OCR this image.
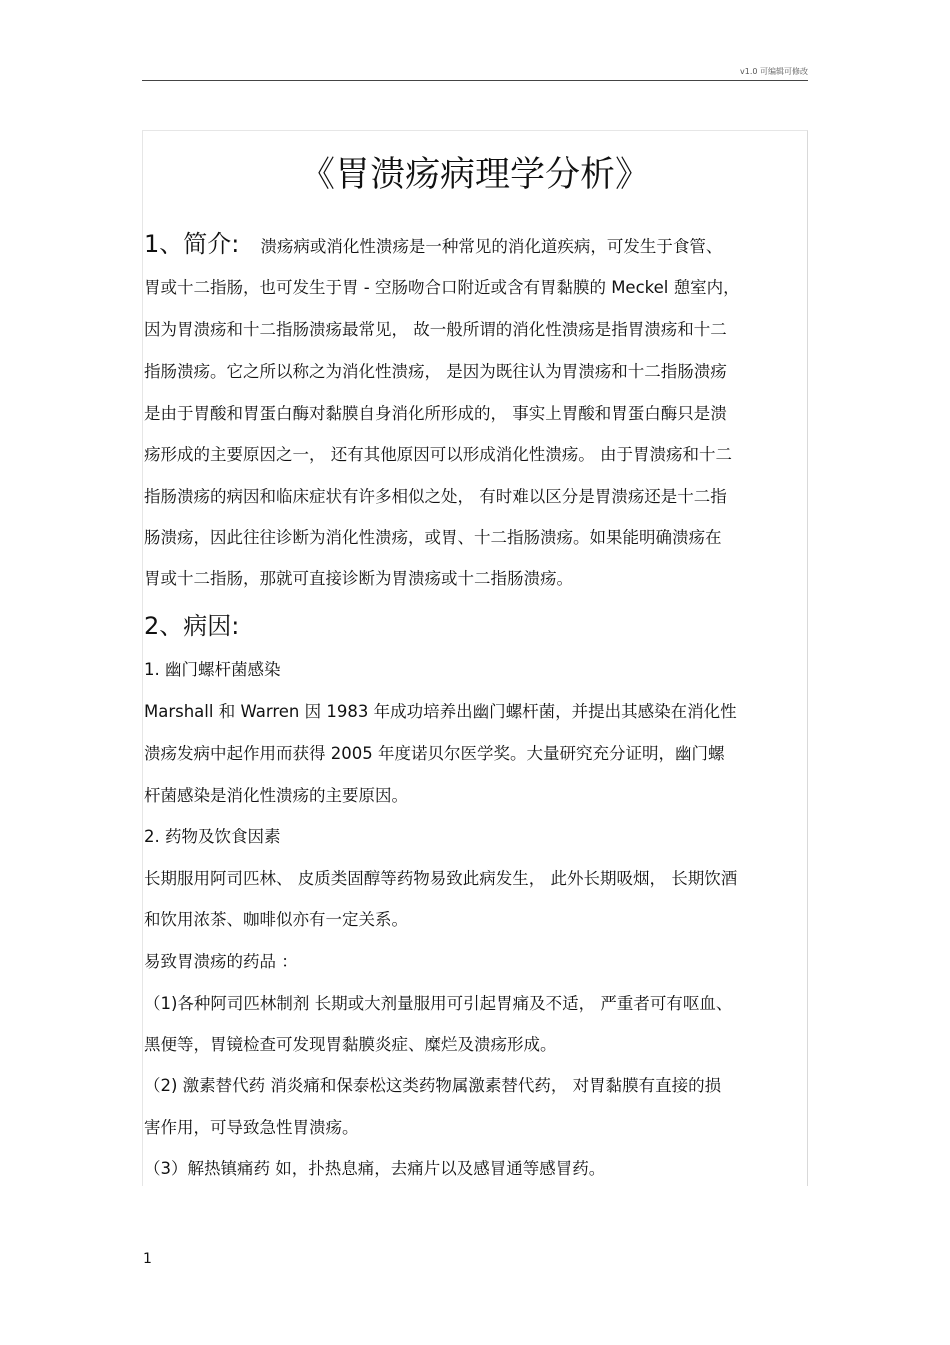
v1.0 可编辑可修改
《胃溃疡病理学分析》
1、简介: 溃疡病或消化性溃疡是一种常见的消化道疾病，可发生于食管、
胃或十二指肠，也可发生于胃 - 空肠吻合口附近或含有胃黏膜的 Meckel 憩室内，
因为胃溃疡和十二指肠溃疡最常见， 故一般所谓的消化性溃疡是指胃溃疡和十二
指肠溃疡。它之所以称之为消化性溃疡， 是因为既往认为胃溃疡和十二指肠溃疡
是由于胃酸和胃蛋白酶对黏膜自身消化所形成的， 事实上胃酸和胃蛋白酶只是溃
疡形成的主要原因之一， 还有其他原因可以形成消化性溃疡。 由于胃溃疡和十二
指肠溃疡的病因和临床症状有许多相似之处， 有时难以区分是胃溃疡还是十二指
肠溃疡，因此往往诊断为消化性溃疡，或胃、十二指肠溃疡。如果能明确溃疡在
胃或十二指肠，那就可直接诊断为胃溃疡或十二指肠溃疡。
2、病因:
1. 幽门螺杆菌感染
Marshall 和 Warren 因 1983 年成功培养出幽门螺杆菌，并提出其感染在消化性
溃疡发病中起作用而获得 2005 年度诺贝尔医学奖。大量研究充分证明，幽门螺
杆菌感染是消化性溃疡的主要原因。
2. 药物及饮食因素
长期服用阿司匹林、 皮质类固醇等药物易致此病发生， 此外长期吸烟， 长期饮酒
和饮用浓茶、咖啡似亦有一定关系。
易致胃溃疡的药品 ：
（1)各种阿司匹林制剂 长期或大剂量服用可引起胃痛及不适， 严重者可有呕血、
黑便等，胃镜检查可发现胃黏膜炎症、糜烂及溃疡形成。
（2) 激素替代药 消炎痛和保泰松这类药物属激素替代药， 对胃黏膜有直接的损
害作用，可导致急性胃溃疡。
（3）解热镇痛药 如，扑热息痛，去痛片以及感冒通等感冒药。
1
